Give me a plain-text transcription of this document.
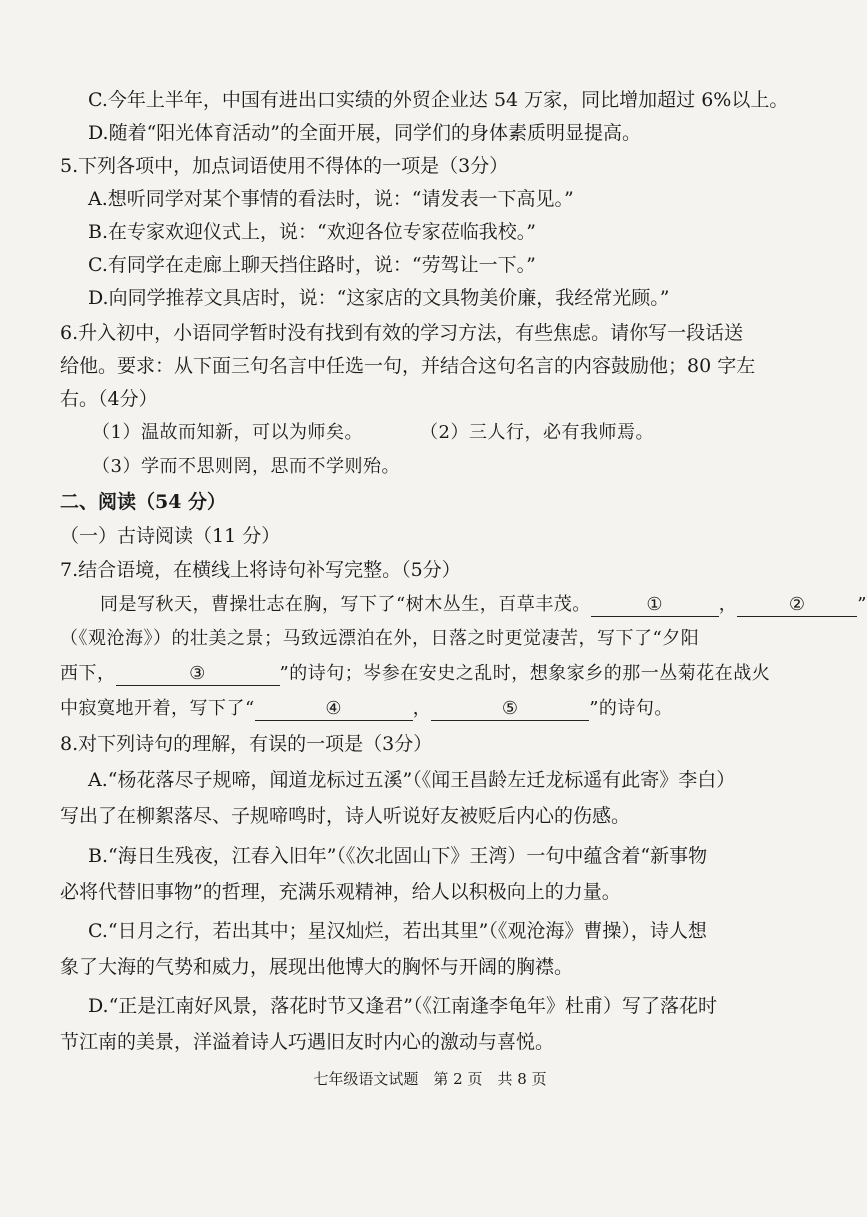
C.今年上半年，中国有进出口实绩的外贸企业达 54 万家，同比增加超过 6%以上。
D.随着“阳光体育活动”的全面开展，同学们的身体素质明显提高。
5.下列各项中，加点词语使用不得体的一项是（3分）
A.想听同学对某个事情的看法时，说：“请发表一下高见。”
B.在专家欢迎仪式上，说：“欢迎各位专家莅临我校。”
C.有同学在走廊上聊天挡住路时，说：“劳驾让一下。”
D.向同学推荐文具店时，说：“这家店的文具物美价廉，我经常光顾。”
6.升入初中，小语同学暂时没有找到有效的学习方法，有些焦虑。请你写一段话送
给他。要求：从下面三句名言中任选一句，并结合这句名言的内容鼓励他；80 字左
右。（4分）
（1）温故而知新，可以为师矣。	（2）三人行，必有我师焉。
（3）学而不思则罔，思而不学则殆。
二、阅读（54 分）
（一）古诗阅读（11 分）
7.结合语境，在横线上将诗句补写完整。（5分）
同是写秋天，曹操壮志在胸，写下了“树木丛生，百草丰茂。	①	，	②	”
（《观沧海》）的壮美之景；马致远漂泊在外，日落之时更觉凄苦，写下了“夕阳
西下，	③	”的诗句；岑参在安史之乱时，想象家乡的那一丛菊花在战火
中寂寞地开着，写下了“	④	，	⑤	”的诗句。
8.对下列诗句的理解，有误的一项是（3分）
A.“杨花落尽子规啼，闻道龙标过五溪”（《闻王昌龄左迁龙标遥有此寄》李白）
写出了在柳絮落尽、子规啼鸣时，诗人听说好友被贬后内心的伤感。
B.“海日生残夜，江春入旧年”（《次北固山下》王湾）一句中蕴含着“新事物
必将代替旧事物”的哲理，充满乐观精神，给人以积极向上的力量。
C.“日月之行，若出其中；星汉灿烂，若出其里”（《观沧海》曹操），诗人想
象了大海的气势和威力，展现出他博大的胸怀与开阔的胸襟。
D.“正是江南好风景，落花时节又逢君”（《江南逢李龟年》杜甫）写了落花时
节江南的美景，洋溢着诗人巧遇旧友时内心的激动与喜悦。
七年级语文试题　第 2 页　共 8 页
